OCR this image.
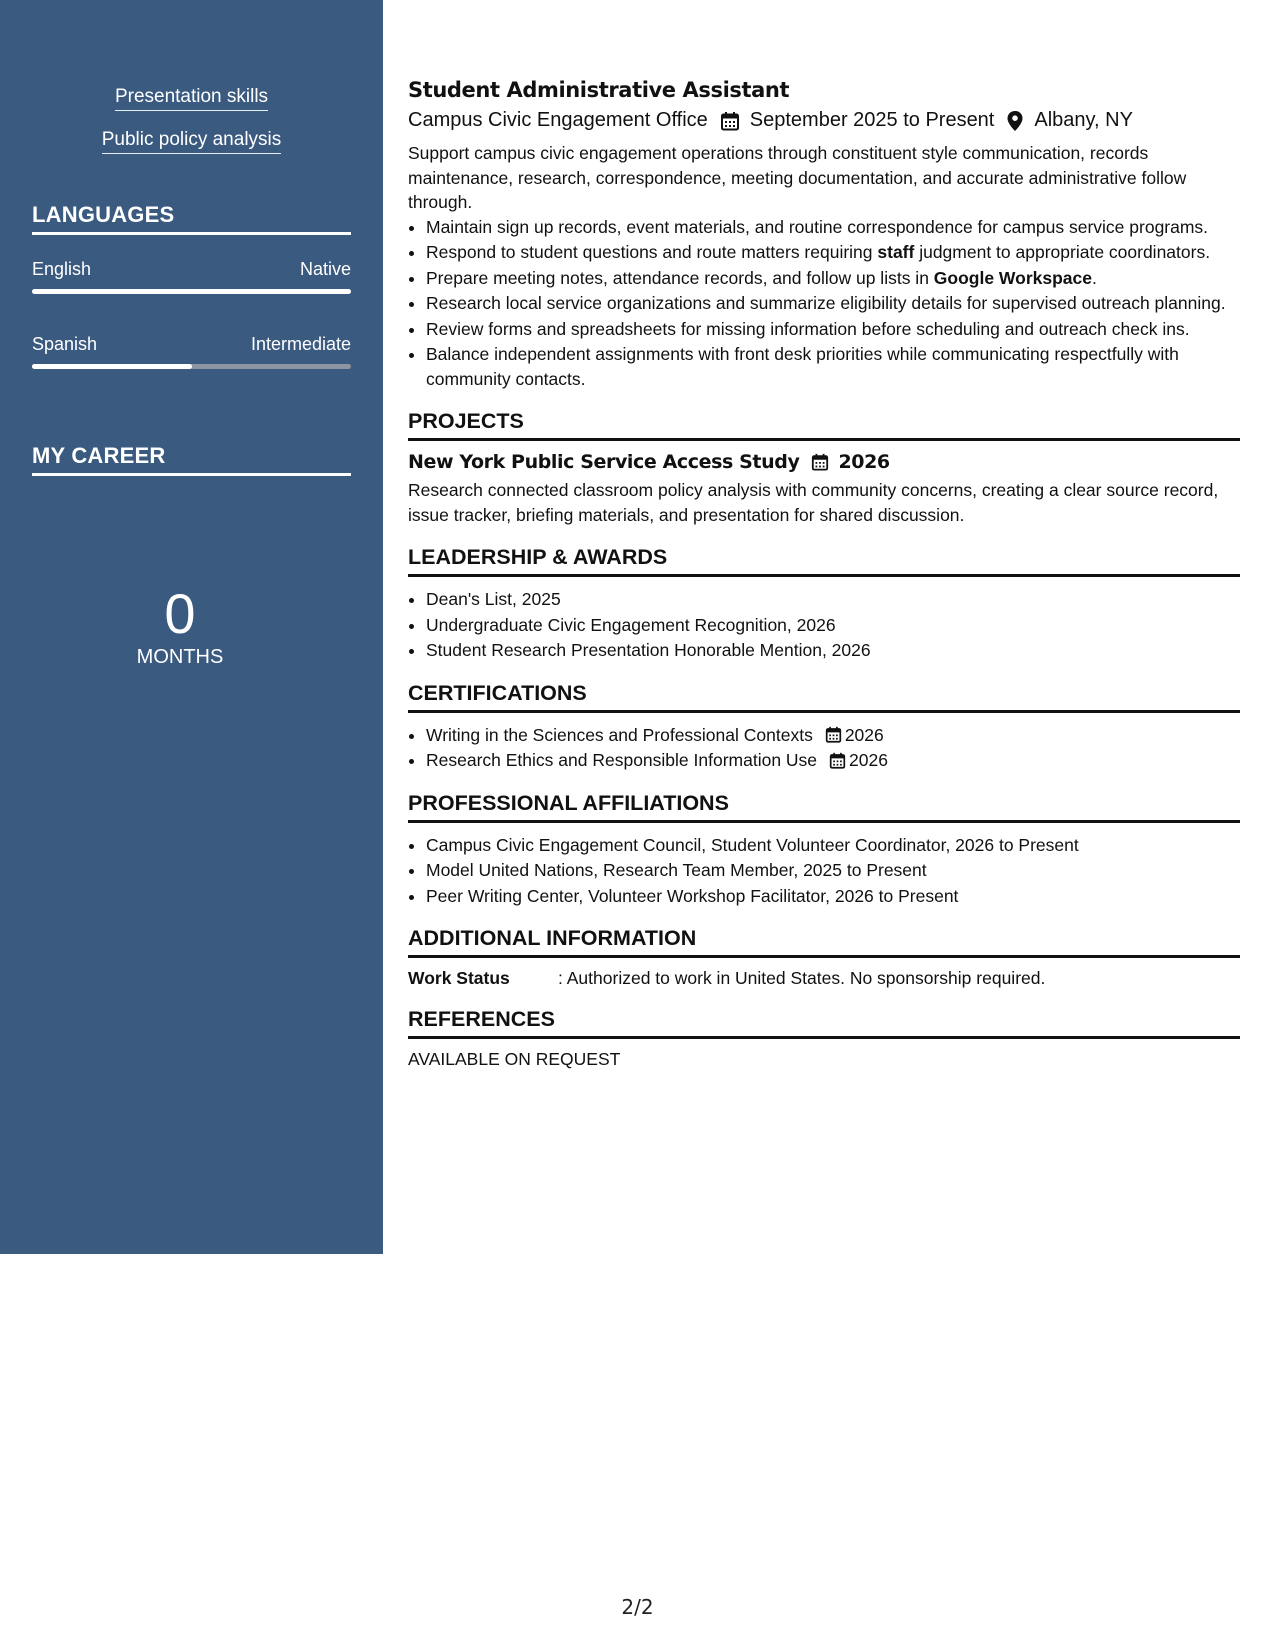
Presentation skills
Public policy analysis
LANGUAGES
English	Native
Spanish	Intermediate
MY CAREER
0
MONTHS
Student Administrative Assistant
Campus Civic Engagement Office September 2025 to Present Albany, NY
Support campus civic engagement operations through constituent style communication, records maintenance, research, correspondence, meeting documentation, and accurate administrative follow through.
• Maintain sign up records, event materials, and routine correspondence for campus service programs.
• Respond to student questions and route matters requiring staff judgment to appropriate coordinators.
• Prepare meeting notes, attendance records, and follow up lists in Google Workspace.
• Research local service organizations and summarize eligibility details for supervised outreach planning.
• Review forms and spreadsheets for missing information before scheduling and outreach check ins.
• Balance independent assignments with front desk priorities while communicating respectfully with community contacts.
PROJECTS
New York Public Service Access Study 2026
Research connected classroom policy analysis with community concerns, creating a clear source record, issue tracker, briefing materials, and presentation for shared discussion.
LEADERSHIP & AWARDS
• Dean's List, 2025
• Undergraduate Civic Engagement Recognition, 2026
• Student Research Presentation Honorable Mention, 2026
CERTIFICATIONS
• Writing in the Sciences and Professional Contexts 2026
• Research Ethics and Responsible Information Use 2026
PROFESSIONAL AFFILIATIONS
• Campus Civic Engagement Council, Student Volunteer Coordinator, 2026 to Present
• Model United Nations, Research Team Member, 2025 to Present
• Peer Writing Center, Volunteer Workshop Facilitator, 2026 to Present
ADDITIONAL INFORMATION
Work Status	: Authorized to work in United States. No sponsorship required.
REFERENCES
AVAILABLE ON REQUEST
2/2
